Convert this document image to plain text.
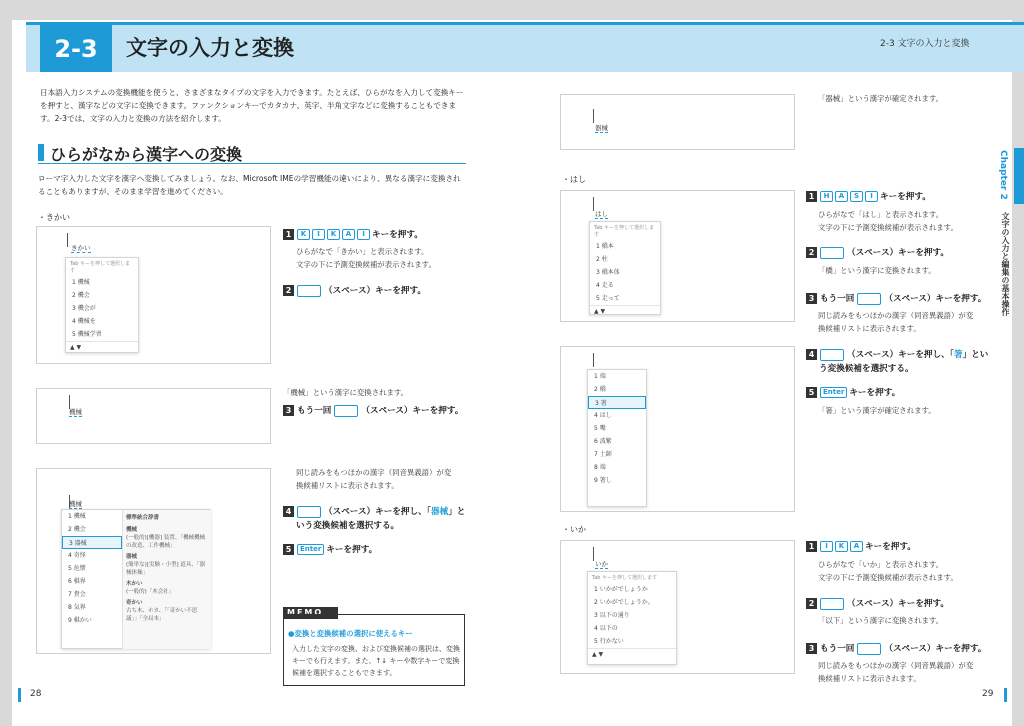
2-3	文字の入力と変換	2-3 文字の入力と変換
日本語入力システムの変換機能を使うと、さまざまなタイプの文字を入力できます。たとえば、ひらがなを入力して変換キーを押すと、漢字などの文字に変換できます。ファンクションキーでカタカナ、英字、半角文字などに変換することもできます。2-3では、文字の入力と変換の方法を紹介します。
ひらがなから漢字への変換
ローマ字入力した文字を漢字へ変換してみましょう。なお、Microsoft IMEの学習機能の違いにより、異なる漢字に変換されることもありますが、そのまま学習を進めてください。
・きかい
きかい
Tab キーを押して選択します
1 機械
2 機会
3 機会が
4 機械を
5 機械学習
▲ ▼
1 K I K A I キーを押す。
ひらがなで「きかい」と表示されます。
文字の下に予測変換候補が表示されます。
2	（スペース）キーを押す。
機械
「機械」という漢字に変換されます。
3 もう一回	（スペース）キーを押す。
機械
1 機械
2 機会
3 器械
4 奇怪
5 危懐
6 棋界
7 貴会
8 気界
9 棋かい
標準統合辞書
機械
(一般的)[機器] 装置、「機械機械の改造、工作機械」
器械
(簡単な)[実験・小型] 道具、「器械体操」
木かい
(一般的)「木会社」
奇かい
古ち木、ホカ、「「奇かい不思議」」「全局本」
同じ読みをもつほかの漢字（同音異義語）が変
換候補リストに表示されます。
4	（スペース）キーを押し、「器械」と
いう変換候補を選択する。
5 Enter キーを押す。
MEMO
●変換と変換候補の選択に使えるキー
入力した文字の変換、および変換候補の選択は、変換 キーでも行えます。また、↑↓ キーや数字キーで変換候補を選択することもできます。
器械
「器械」という漢字が確定されます。
・はし
はし
Tab キーを押して選択します
1 橋本
2 柱
3 橋本体
4 走る
5 走って
▲ ▼
1 H A S I キーを押す。
ひらがなで「はし」と表示されます。
文字の下に予測変換候補が表示されます。
2	（スペース）キーを押す。
「橋」という漢字に変換されます。
3 もう一回	（スペース）キーを押す。
同じ読みをもつほかの漢字（同音異義語）が変
換候補リストに表示されます。
1 端
2 橋
3 箸
4 はし
5 嘴
6 波紫
7 土師
8 端
9 箸し
4	（スペース）キーを押し、「箸」とい
う変換候補を選択する。
5 Enter キーを押す。
「箸」という漢字が確定されます。
・いか
いか
Tab キーを押して選択します
1 いかがでしょうか
2 いかがでしょうか。
3 以下の通り
4 以下の
5 行かない
▲ ▼
1 I K A キーを押す。
ひらがなで「いか」と表示されます。
文字の下に予測変換候補が表示されます。
2	（スペース）キーを押す。
「以下」という漢字に変換されます。
3 もう一回	（スペース）キーを押す。
同じ読みをもつほかの漢字（同音異義語）が変
換候補リストに表示されます。
Chapter 2
文字の入力と編集の基本操作
28	29
